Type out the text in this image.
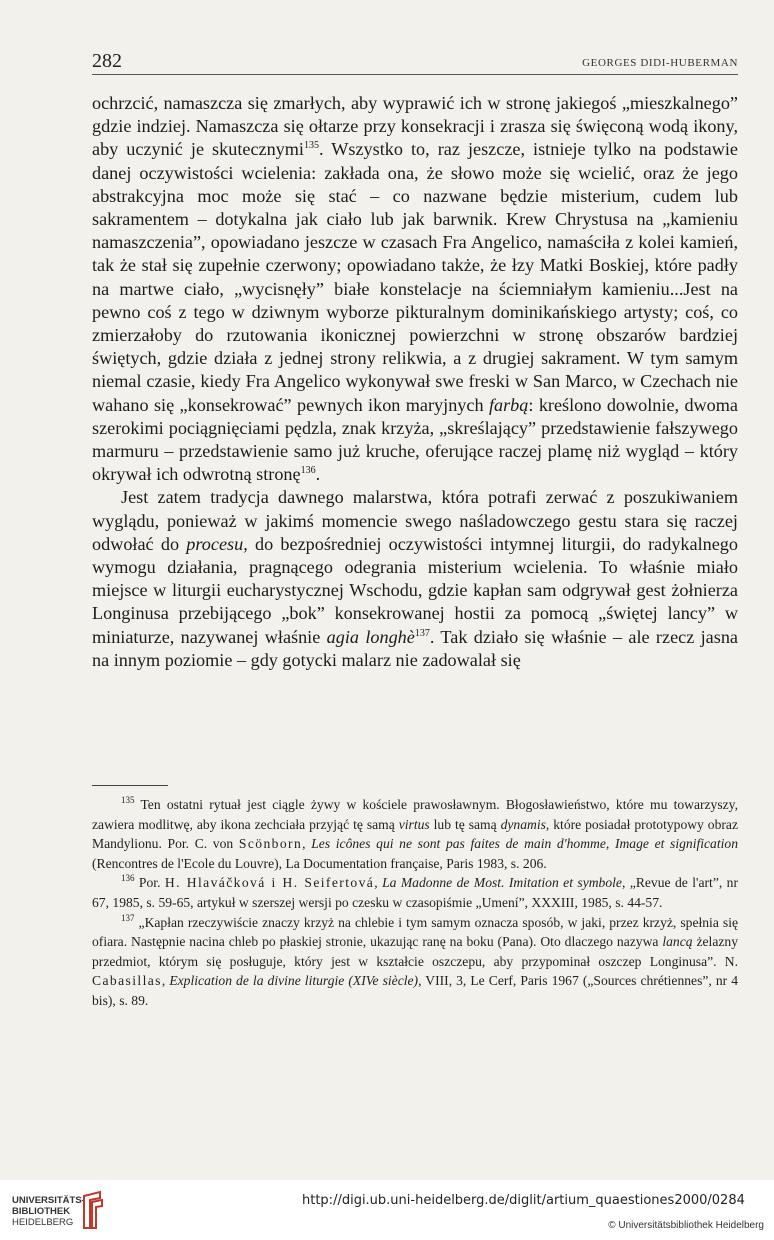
282	GEORGES DIDI-HUBERMAN

ochrzcić, namaszcza się zmarłych, aby wyprawić ich w stronę jakiegoś „mieszkalnego” gdzie indziej. Namaszcza się ołtarze przy konsekracji i zrasza się święconą wodą ikony, aby uczynić je skutecznymi$^{135}$. Wszystko to, raz jeszcze, istnieje tylko na podstawie danej oczywistości wcielenia: zakłada ona, że słowo może się wcielić, oraz że jego abstrakcyjna moc może się stać – co nazwane będzie misterium, cudem lub sakramentem – dotykalna jak ciało lub jak barwnik. Krew Chrystusa na „kamieniu namaszczenia”, opowiadano jeszcze w czasach Fra Angelico, namaściła z kolei kamień, tak że stał się zupełnie czerwony; opowiadano także, że łzy Matki Boskiej, które padły na martwe ciało, „wycisnęły” białe konstelacje na ściemniałym kamieniu...Jest na pewno coś z tego w dziwnym wyborze pikturalnym dominikańskiego artysty; coś, co zmierzałoby do rzutowania ikonicznej powierzchni w stronę obszarów bardziej świętych, gdzie działa z jednej strony relikwia, a z drugiej sakrament. W tym samym niemal czasie, kiedy Fra Angelico wykonywał swe freski w San Marco, w Czechach nie wahano się „konsekrować” pewnych ikon maryjnych farbą: kreślono dowolnie, dwoma szerokimi pociągnięciami pędzla, znak krzyża, „skreślający” przedstawienie fałszywego marmuru – przedstawienie samo już kruche, oferujące raczej plamę niż wygląd – który okrywał ich odwrotną stronę$^{136}$.

Jest zatem tradycja dawnego malarstwa, która potrafi zerwać z poszukiwaniem wyglądu, ponieważ w jakimś momencie swego naśladowczego gestu stara się raczej odwołać do procesu, do bezpośredniej oczywistości intymnej liturgii, do radykalnego wymogu działania, pragnącego odegrania misterium wcielenia. To właśnie miało miejsce w liturgii eucharystycznej Wschodu, gdzie kapłan sam odgrywał gest żołnierza Longinusa przebijącego „bok” konsekrowanej hostii za pomocą „świętej lancy” w miniaturze, nazywanej właśnie agia longhè$^{137}$. Tak działo się właśnie – ale rzecz jasna na innym poziomie – gdy gotycki malarz nie zadowalał się

$^{135}$ Ten ostatni rytuał jest ciągle żywy w kościele prawosławnym. Błogosławieństwo, które mu towarzyszy, zawiera modlitwę, aby ikona zechciała przyjąć tę samą virtus lub tę samą dynamis, które posiadał prototypowy obraz Mandylionu. Por. C. von Scönborn, Les icônes qui ne sont pas faites de main d'homme, Image et signification (Rencontres de l'Ecole du Louvre), La Documentation française, Paris 1983, s. 206.

$^{136}$ Por. H. Hlaváčková i H. Seifertová, La Madonne de Most. Imitation et symbole, „Revue de l'art”, nr 67, 1985, s. 59-65, artykuł w szerszej wersji po czesku w czasopiśmie „Umení”, XXXIII, 1985, s. 44-57.

$^{137}$ „Kapłan rzeczywiście znaczy krzyż na chlebie i tym samym oznacza sposób, w jaki, przez krzyż, spełnia się ofiara. Następnie nacina chleb po płaskiej stronie, ukazując ranę na boku (Pana). Oto dlaczego nazywa lancą żelazny przedmiot, którym się posługuje, który jest w kształcie oszczepu, aby przypominał oszczep Longinusa”. N. Cabasillas, Explication de la divine liturgie (XIVe siècle), VIII, 3, Le Cerf, Paris 1967 („Sources chrétiennes”, nr 4 bis), s. 89.

UNIVERSITÄTS-
BIBLIOTHEK
HEIDELBERG
http://digi.ub.uni-heidelberg.de/diglit/artium_quaestiones2000/0284
© Universitätsbibliothek Heidelberg
